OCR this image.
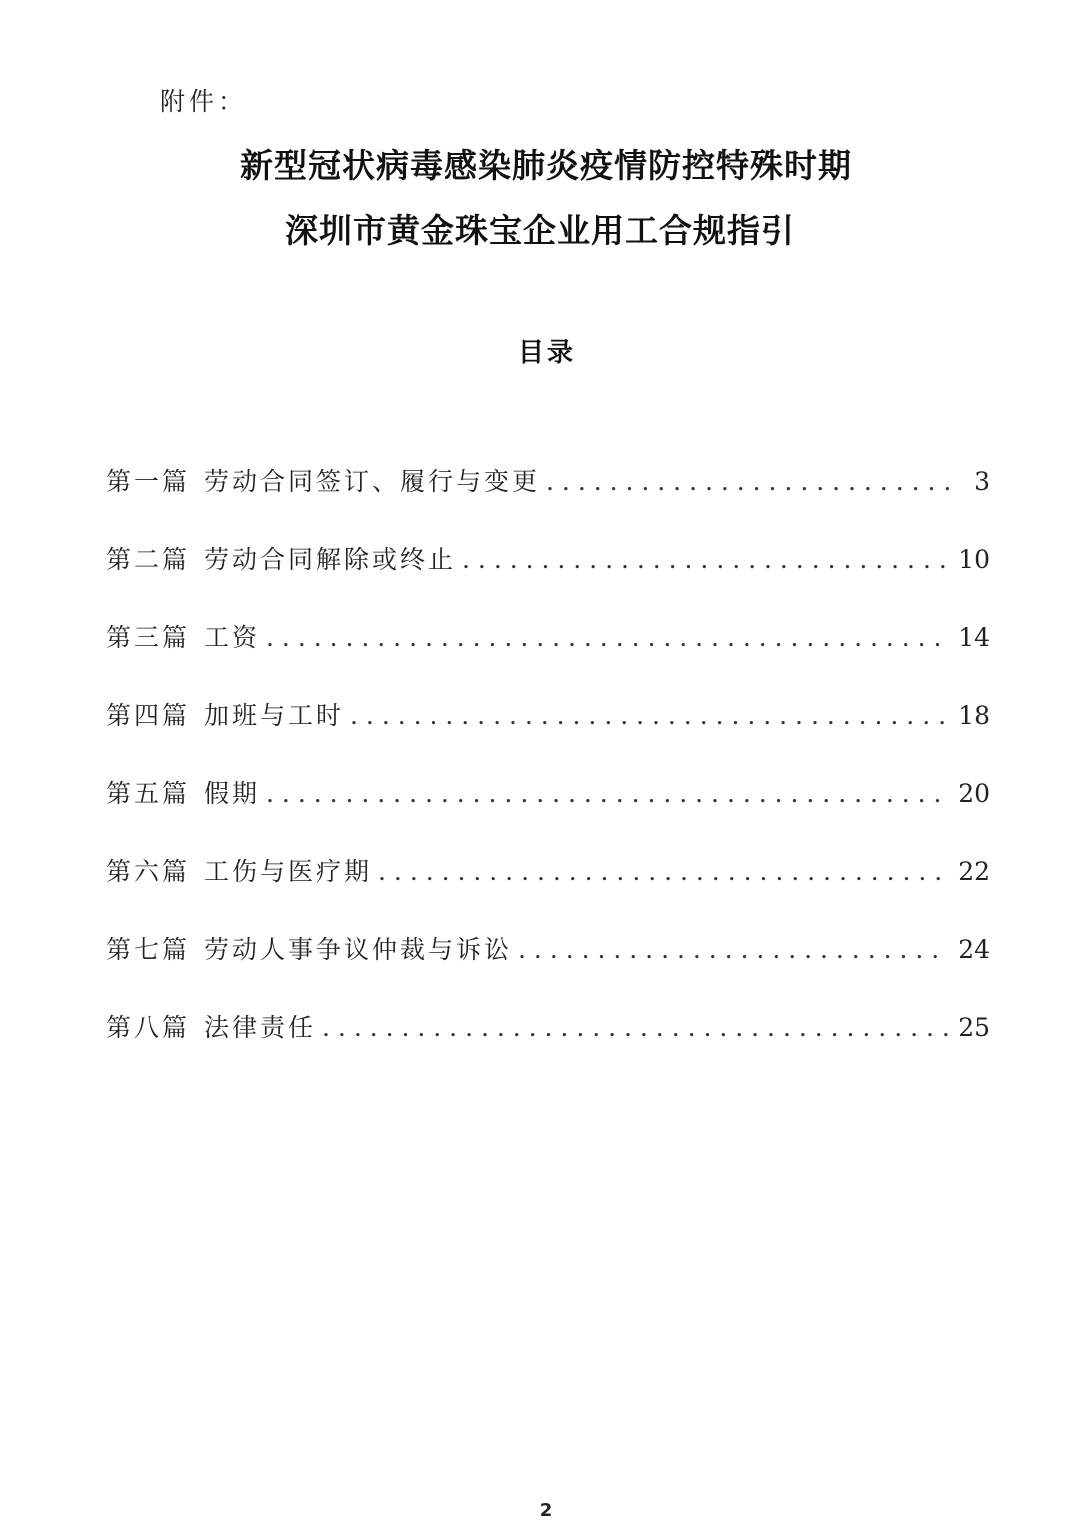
附件：
新型冠状病毒感染肺炎疫情防控特殊时期
深圳市黄金珠宝企业用工合规指引
目录
第一篇 劳动合同签订、履行与变更 . . .	3
第二篇 劳动合同解除或终止 . . .	10
第三篇 工资 . . .	14
第四篇 加班与工时 . . .	18
第五篇 假期 . . .	20
第六篇 工伤与医疗期 . . .	22
第七篇 劳动人事争议仲裁与诉讼 . . .	24
第八篇 法律责任 . . .	25
2
